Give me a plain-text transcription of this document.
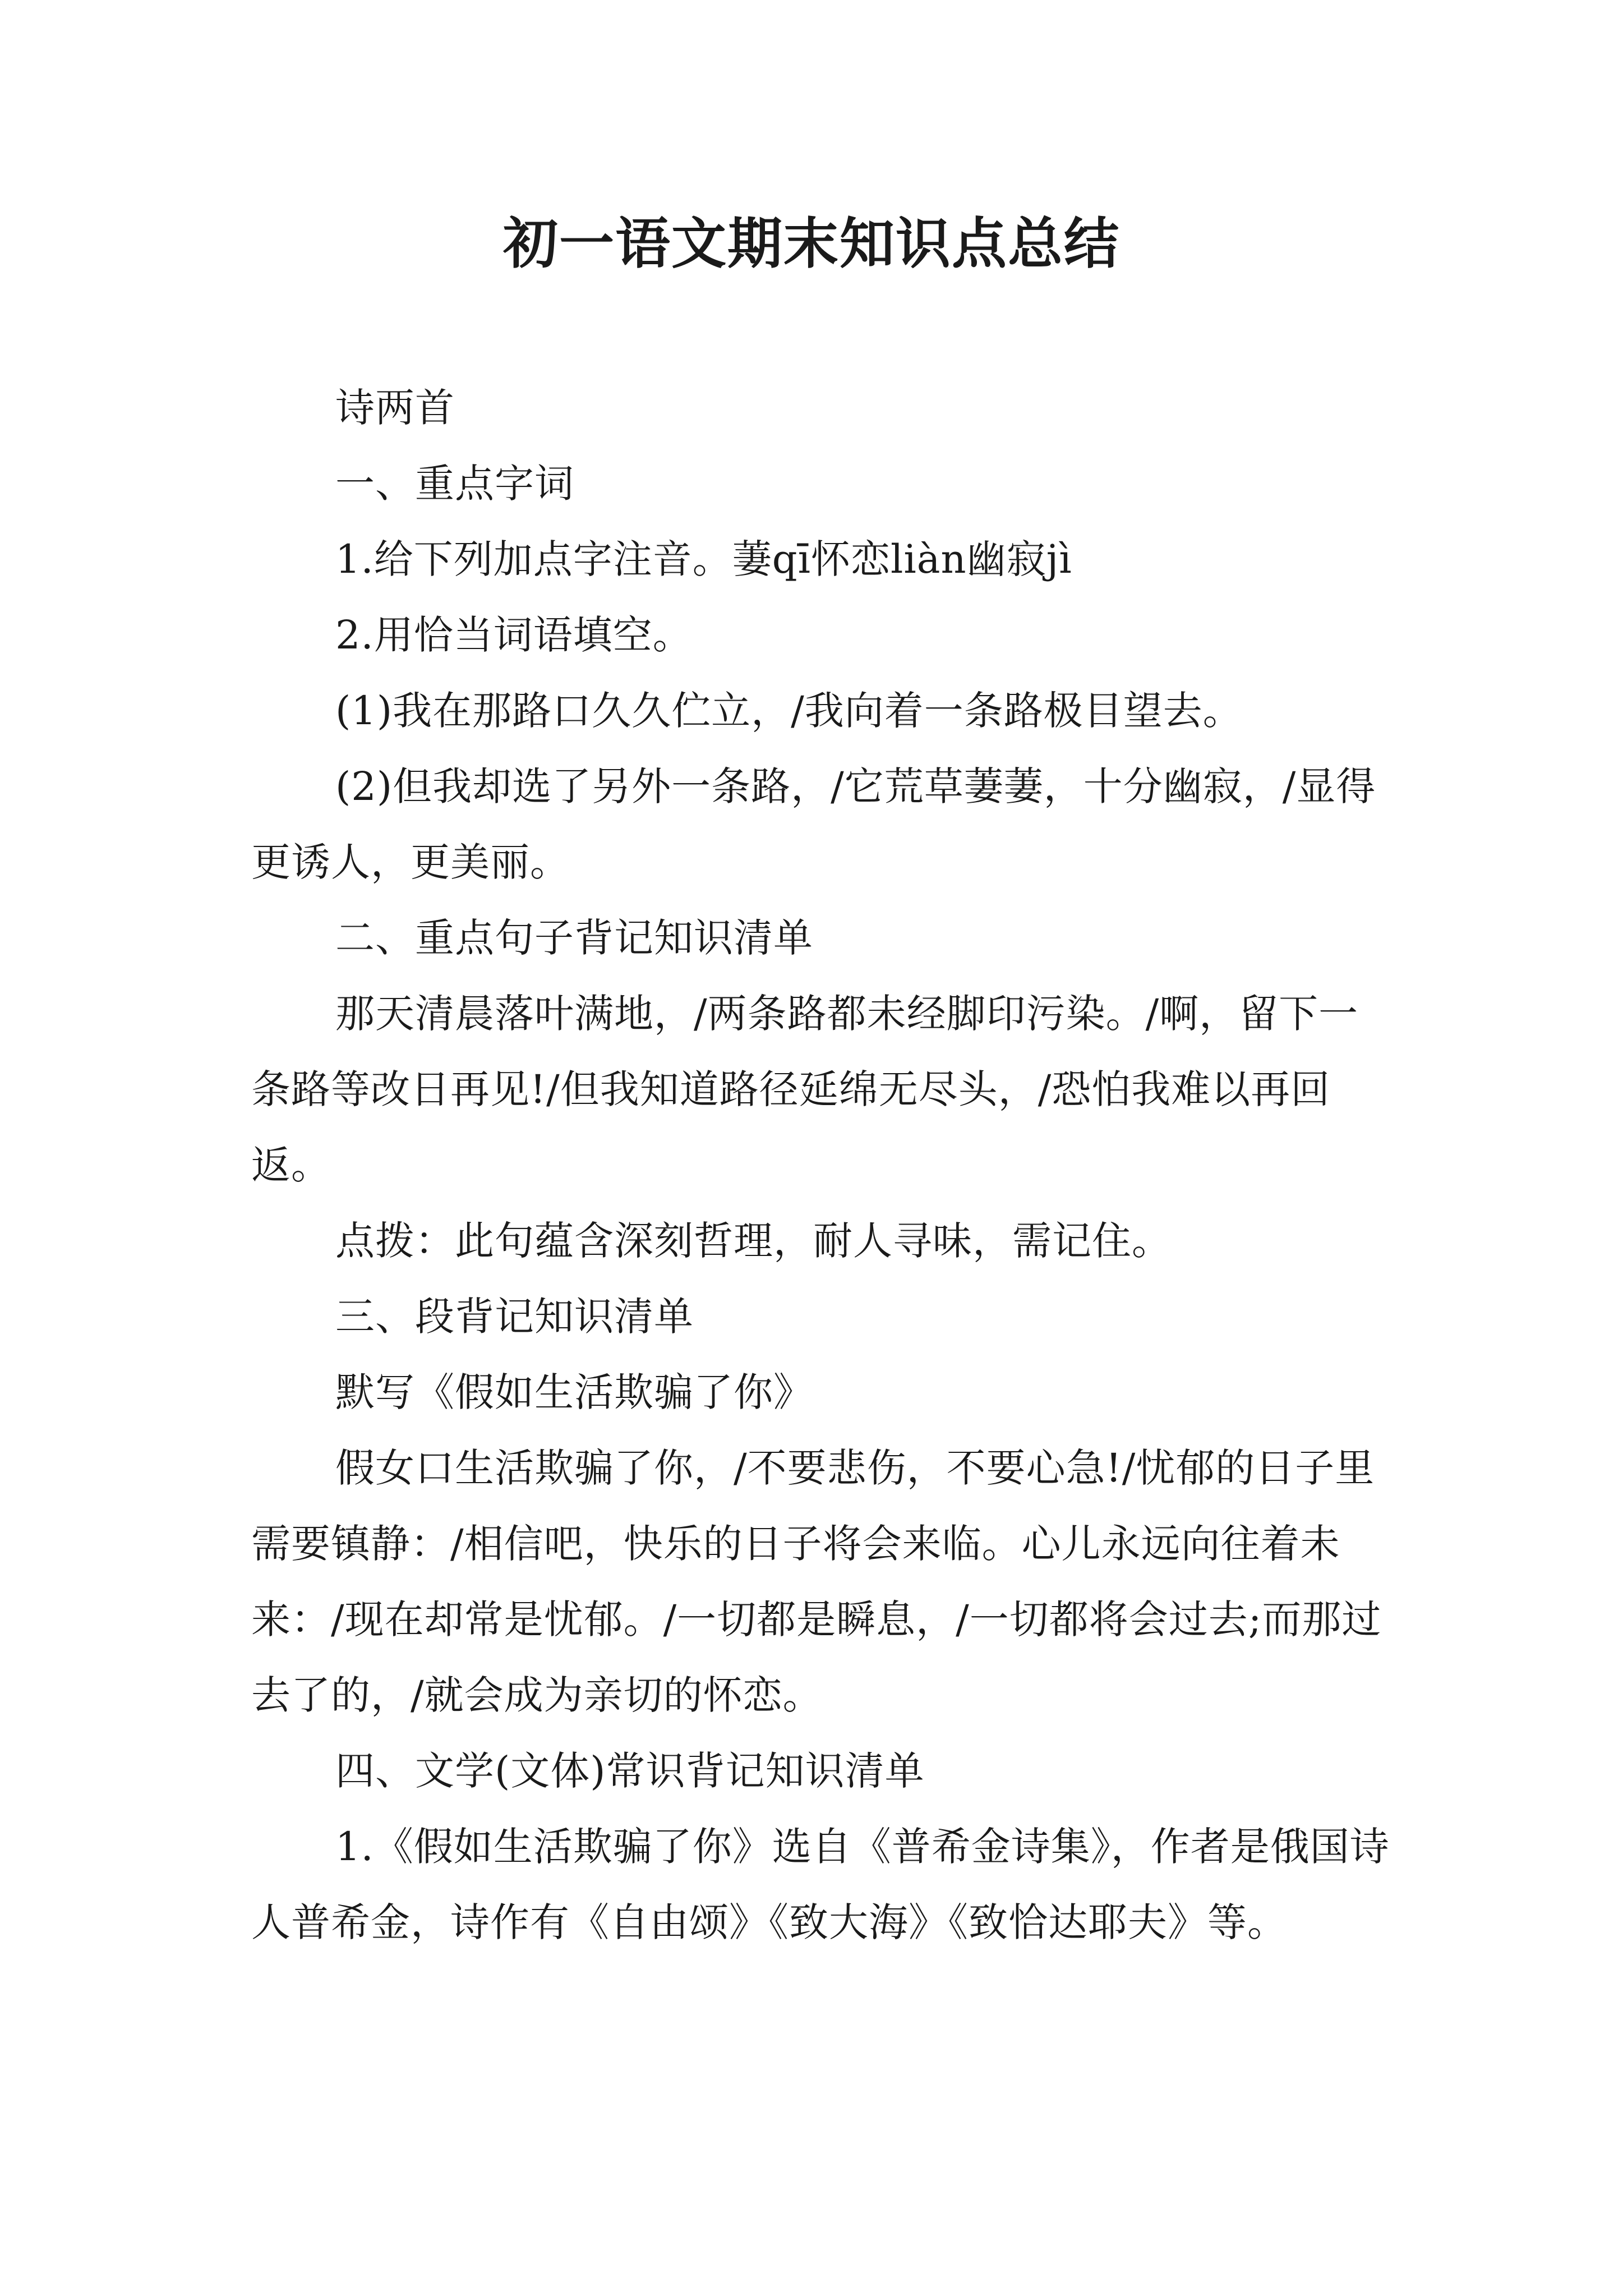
初一语文期末知识点总结

诗两首

一、重点字词

1.给下列加点字注音。萋qī怀恋liàn幽寂jì

2.用恰当词语填空。

(1)我在那路口久久伫立，/我向着一条路极目望去。

(2)但我却选了另外一条路，/它荒草萋萋，十分幽寂，/显得更诱人，更美丽。

二、重点句子背记知识清单

那天清晨落叶满地，/两条路都未经脚印污染。/啊，留下一条路等改日再见!/但我知道路径延绵无尽头，/恐怕我难以再回返。

点拨：此句蕴含深刻哲理，耐人寻味，需记住。

三、段背记知识清单

默写《假如生活欺骗了你》

假女口生活欺骗了你，/不要悲伤，不要心急!/忧郁的日子里需要镇静：/相信吧，快乐的日子将会来临。心儿永远向往着未来：/现在却常是忧郁。/一切都是瞬息，/一切都将会过去;而那过去了的，/就会成为亲切的怀恋。

四、文学(文体)常识背记知识清单

1.《假如生活欺骗了你》选自《普希金诗集》，作者是俄国诗人普希金，诗作有《自由颂》《致大海》《致恰达耶夫》等。
